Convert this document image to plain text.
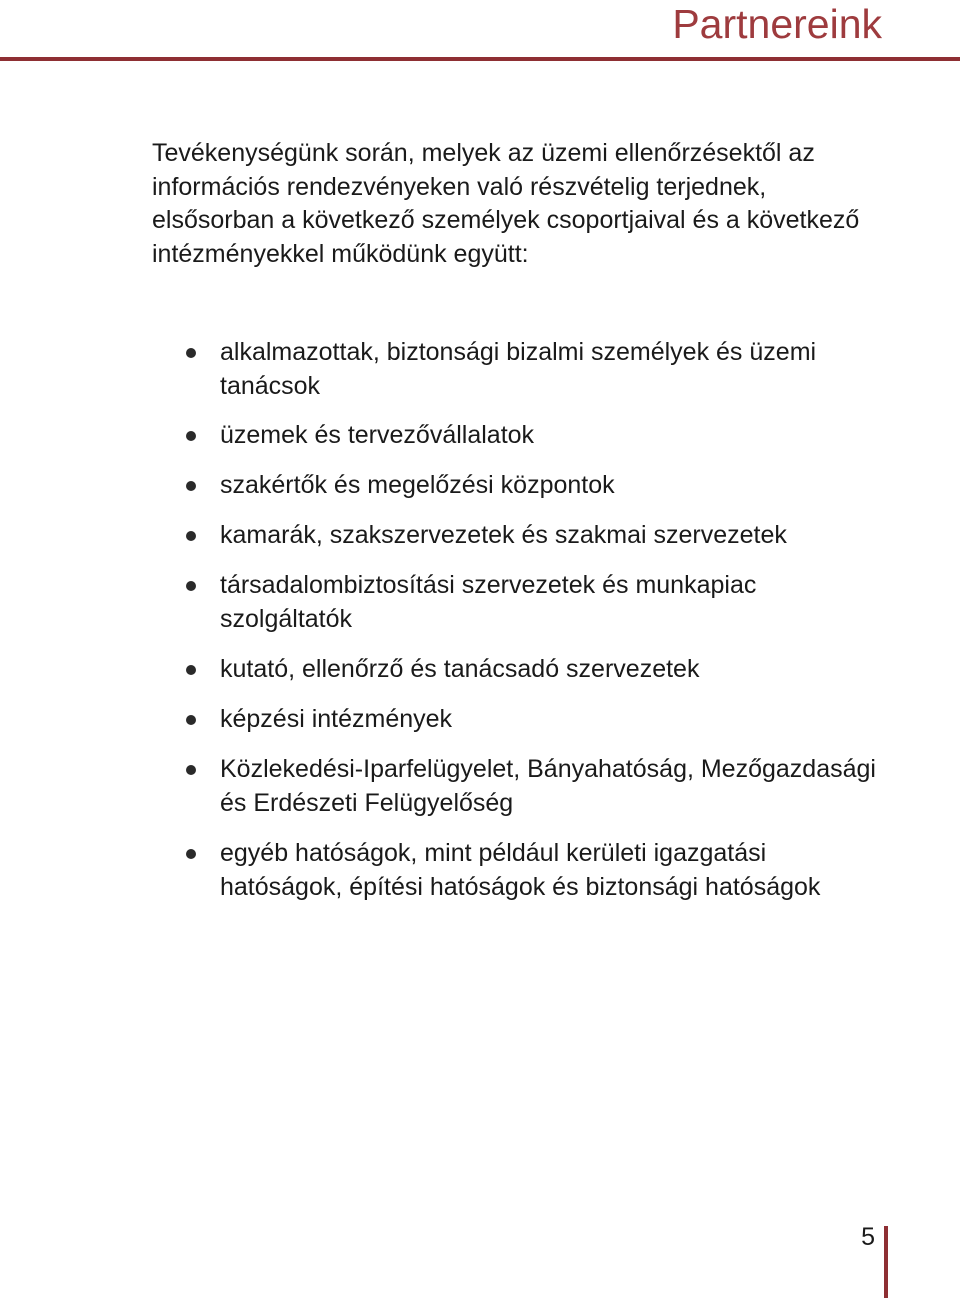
Partnereink

Tevékenységünk során, melyek az üzemi ellenőrzésektől az információs rendezvényeken való részvételig terjednek, elsősorban a következő személyek csoportjaival és a következő intézményekkel működünk együtt:

alkalmazottak, biztonsági bizalmi személyek és üzemi tanácsok
üzemek és tervezővállalatok
szakértők és megelőzési központok
kamarák, szakszervezetek és szakmai szervezetek
társadalombiztosítási szervezetek és munkapiac szolgáltatók
kutató, ellenőrző és tanácsadó szervezetek
képzési intézmények
Közlekedési-Iparfelügyelet, Bányahatóság, Mezőgazdasági és Erdészeti Felügyelőség
egyéb hatóságok, mint például kerületi igazgatási hatóságok, építési hatóságok és biztonsági hatóságok
5
